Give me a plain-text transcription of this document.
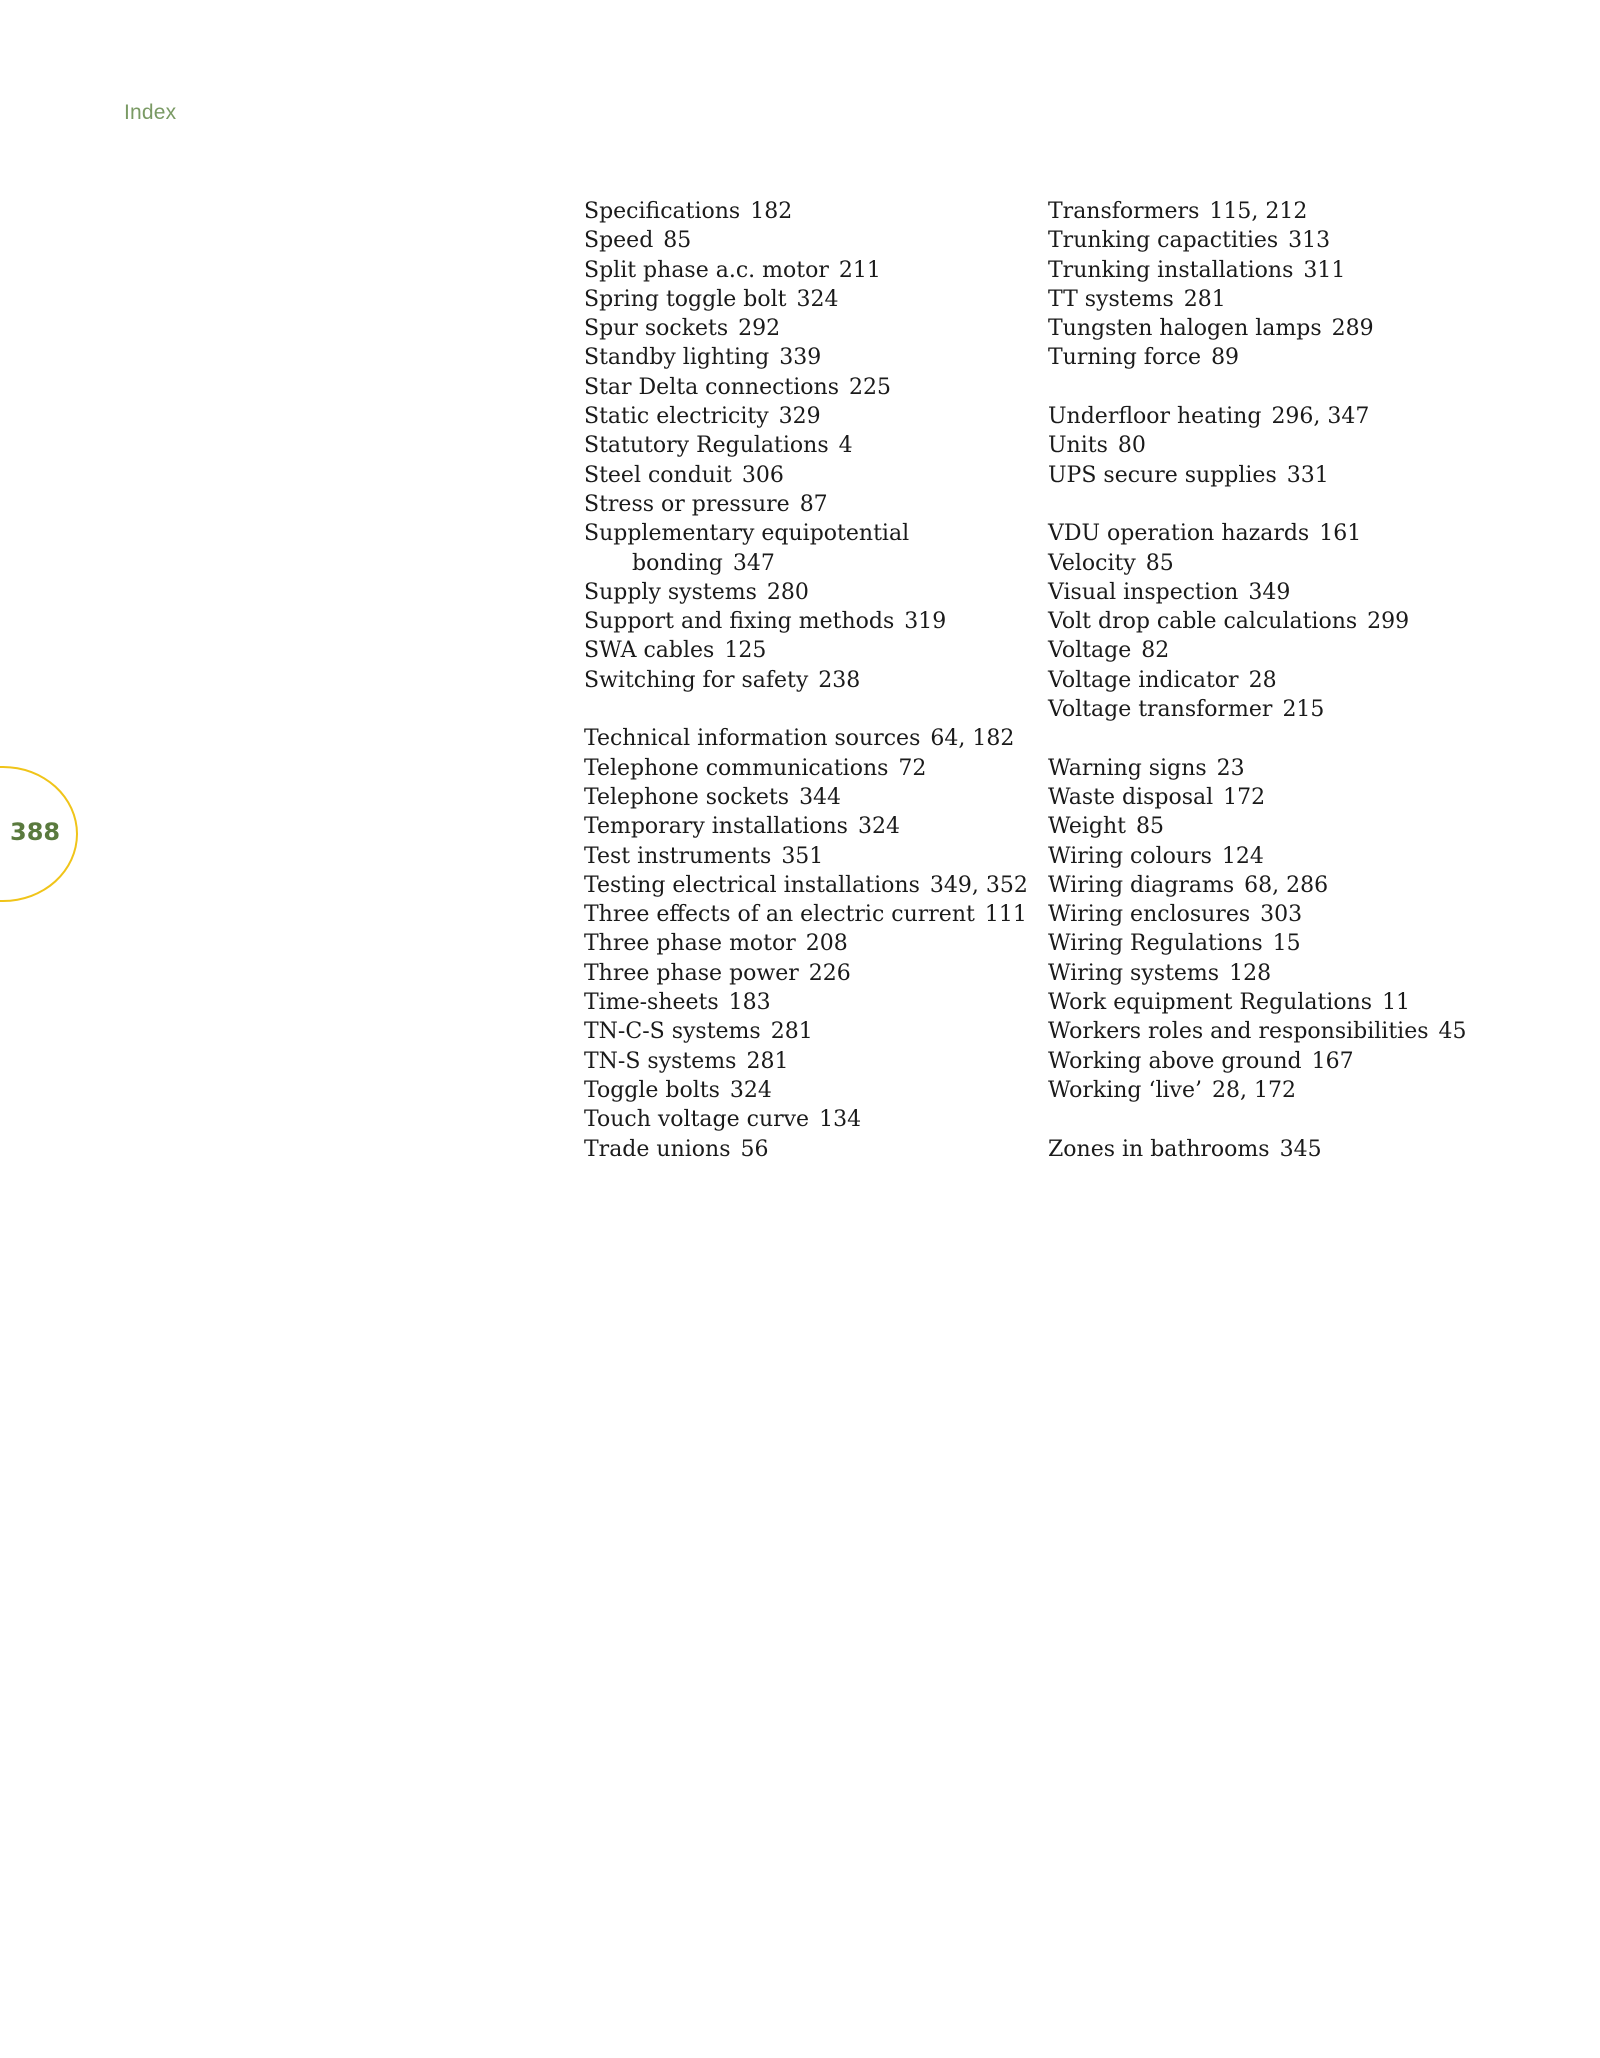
Index
388
Specifications 182
Speed 85
Split phase a.c. motor 211
Spring toggle bolt 324
Spur sockets 292
Standby lighting 339
Star Delta connections 225
Static electricity 329
Statutory Regulations 4
Steel conduit 306
Stress or pressure 87
Supplementary equipotential
bonding 347
Supply systems 280
Support and fixing methods 319
SWA cables 125
Switching for safety 238
Technical information sources 64, 182
Telephone communications 72
Telephone sockets 344
Temporary installations 324
Test instruments 351
Testing electrical installations 349, 352
Three effects of an electric current 111
Three phase motor 208
Three phase power 226
Time-sheets 183
TN-C-S systems 281
TN-S systems 281
Toggle bolts 324
Touch voltage curve 134
Trade unions 56
Transformers 115, 212
Trunking capactities 313
Trunking installations 311
TT systems 281
Tungsten halogen lamps 289
Turning force 89
Underfloor heating 296, 347
Units 80
UPS secure supplies 331
VDU operation hazards 161
Velocity 85
Visual inspection 349
Volt drop cable calculations 299
Voltage 82
Voltage indicator 28
Voltage transformer 215
Warning signs 23
Waste disposal 172
Weight 85
Wiring colours 124
Wiring diagrams 68, 286
Wiring enclosures 303
Wiring Regulations 15
Wiring systems 128
Work equipment Regulations 11
Workers roles and responsibilities 45
Working above ground 167
Working ‘live’ 28, 172
Zones in bathrooms 345
